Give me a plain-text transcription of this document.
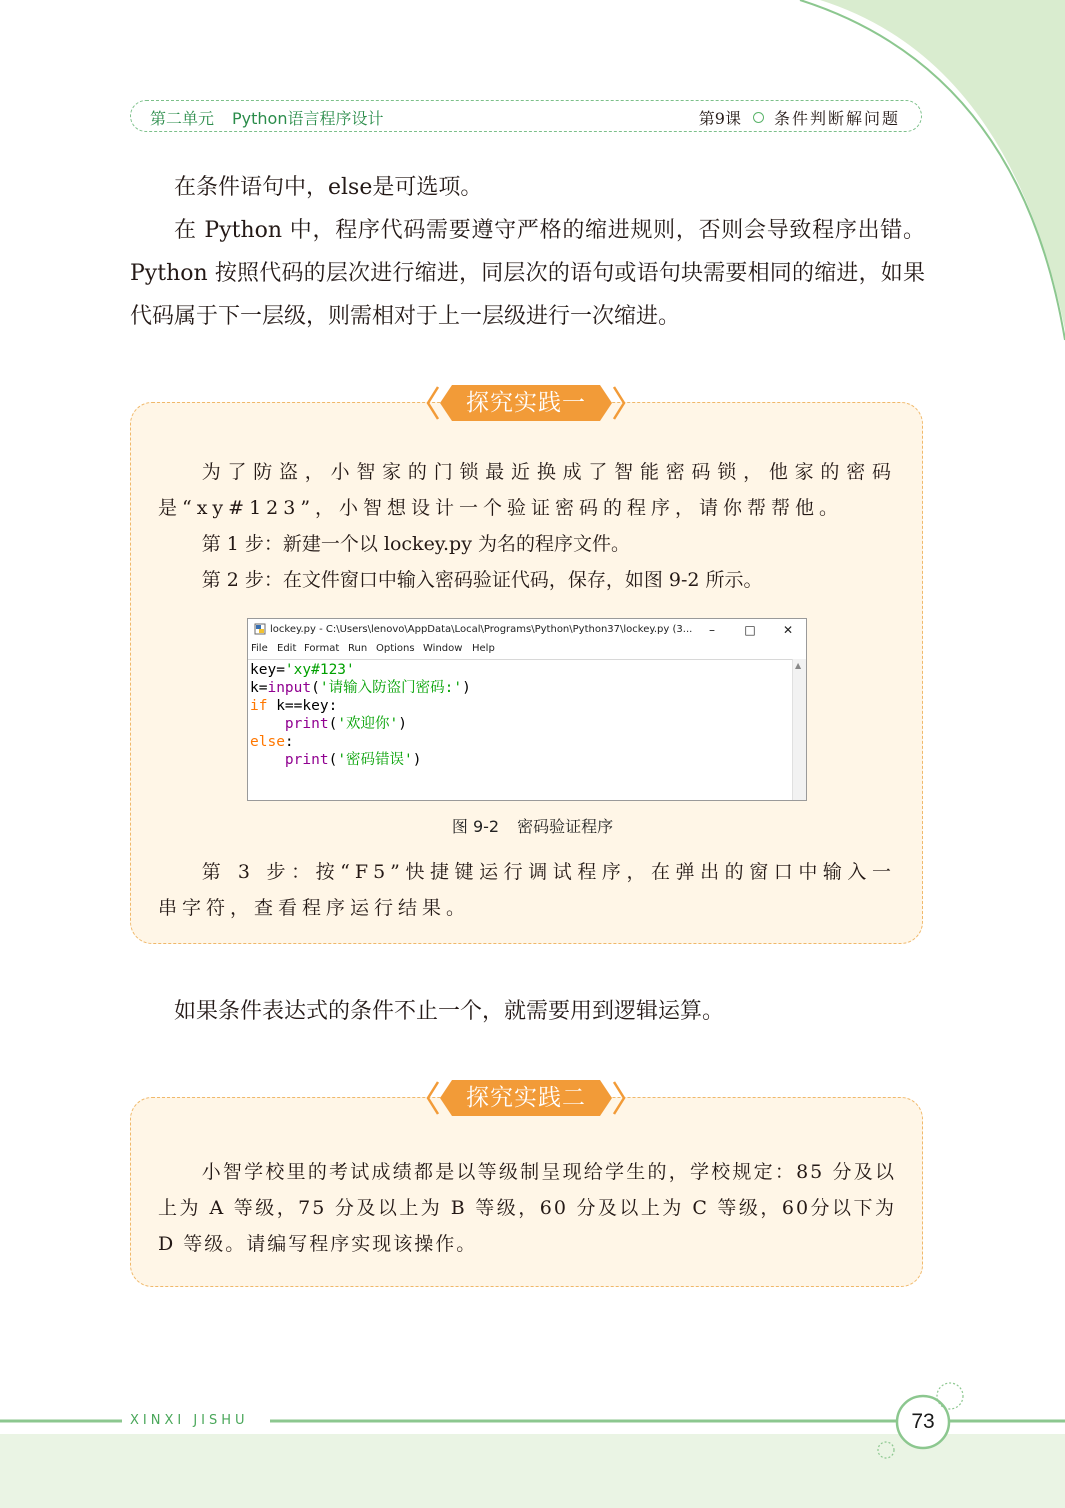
第二单元 Python语言程序设计	第9课 条件判断解问题

在条件语句中，else是可选项。

在 Python 中，程序代码需要遵守严格的缩进规则，否则会导致程序出错。Python 按照代码的层次进行缩进，同层次的语句或语句块需要相同的缩进，如果代码属于下一层级，则需相对于上一层级进行一次缩进。

探究实践一

为了防盗，小智家的门锁最近换成了智能密码锁，他家的密码是“xy#123”，小智想设计一个验证密码的程序，请你帮帮他。

第 1 步：新建一个以 lockey.py 为名的程序文件。

第 2 步：在文件窗口中输入密码验证代码，保存，如图 9-2 所示。

lockey.py - C:\Users\lenovo\AppData\Local\Programs\Python\Python37\lockey.py (3...	–	□	✕
File Edit Format Run Options Window Help
key='xy#123'
k=input('请输入防盗门密码:')
if k==key:
print('欢迎你')
else:
print('密码错误')
▲
图 9-2 密码验证程序

第 3 步：按“F5”快捷键运行调试程序，在弹出的窗口中输入一串字符，查看程序运行结果。

如果条件表达式的条件不止一个，就需要用到逻辑运算。

探究实践二

小智学校里的考试成绩都是以等级制呈现给学生的，学校规定：85 分及以上为 A 等级，75 分及以上为 B 等级，60 分及以上为 C 等级，60分以下为 D 等级。请编写程序实现该操作。

XINXI JISHU	73
